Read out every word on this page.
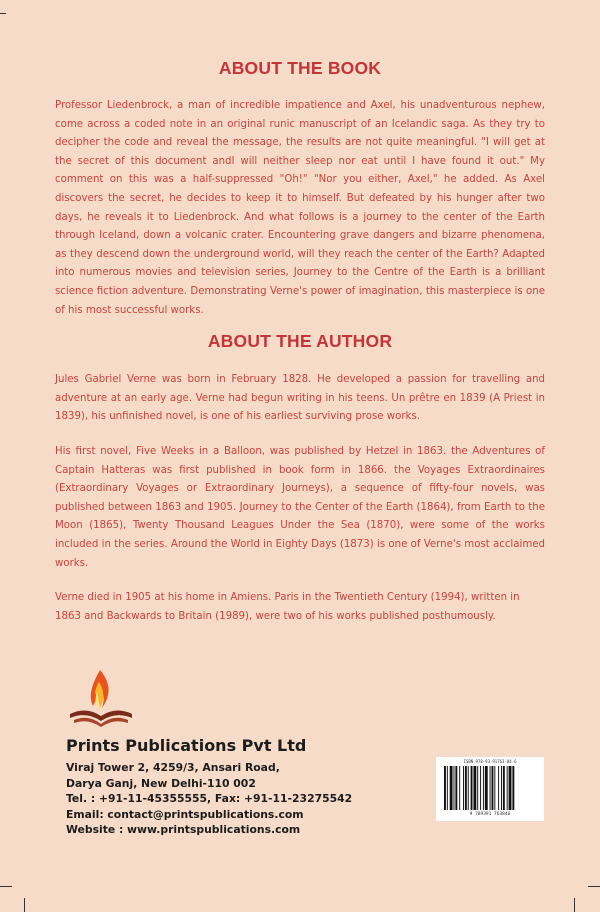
ABOUT THE BOOK

Professor Liedenbrock, a man of incredible impatience and Axel, his unadventurous nephew, come across a coded note in an original runic manuscript of an Icelandic saga. As they try to decipher the code and reveal the message, the results are not quite meaningful. "I will get at the secret of this document andI will neither sleep nor eat until I have found it out." My comment on this was a half-suppressed "Oh!" "Nor you either, Axel," he added. As Axel discovers the secret, he decides to keep it to himself. But defeated by his hunger after two days, he reveals it to Liedenbrock. And what follows is a journey to the center of the Earth through Iceland, down a volcanic crater. Encountering grave dangers and bizarre phenomena, as they descend down the underground world, will they reach the center of the Earth? Adapted into numerous movies and television series, Journey to the Centre of the Earth is a brilliant science fiction adventure. Demonstrating Verne's power of imagination, this masterpiece is one of his most successful works.

ABOUT THE AUTHOR

Jules Gabriel Verne was born in February 1828. He developed a passion for travelling and adventure at an early age. Verne had begun writing in his teens. Un prêtre en 1839 (A Priest in 1839), his unfinished novel, is one of his earliest surviving prose works.

His first novel, Five Weeks in a Balloon, was published by Hetzel in 1863. the Adventures of Captain Hatteras was first published in book form in 1866. the Voyages Extraordinaires (Extraordinary Voyages or Extraordinary Journeys), a sequence of fifty-four novels, was published between 1863 and 1905. Journey to the Center of the Earth (1864), from Earth to the Moon (1865), Twenty Thousand Leagues Under the Sea (1870), were some of the works included in the series. Around the World in Eighty Days (1873) is one of Verne's most acclaimed works.

Verne died in 1905 at his home in Amiens. Paris in the Twentieth Century (1994), written in 1863 and Backwards to Britain (1989), were two of his works published posthumously.

Prints Publications Pvt Ltd

Viraj Tower 2, 4259/3, Ansari Road,

Darya Ganj, New Delhi-110 002

Tel. : +91-11-45355555, Fax: +91-11-23275542

Email: contact@printspublications.com

Website : www.printspublications.com

ISBN 978-93-91763-84-6
9 789391 763846
